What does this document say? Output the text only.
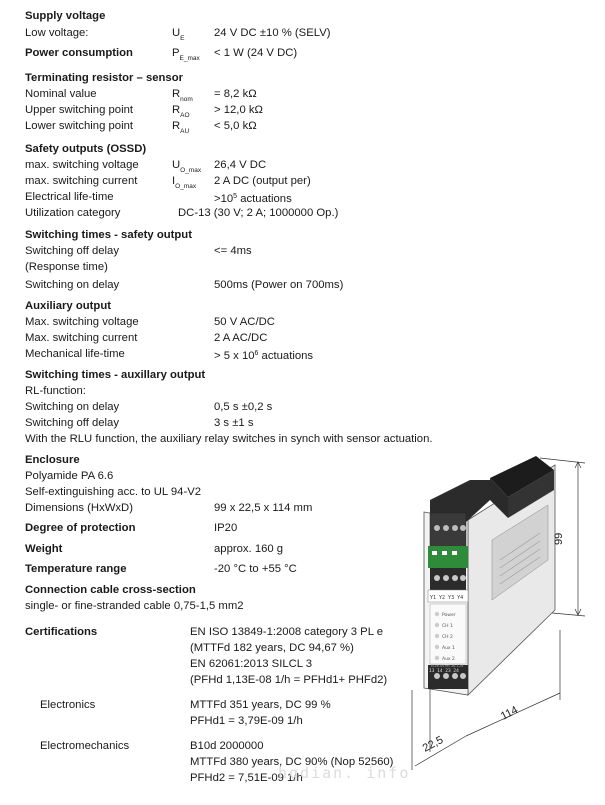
Supply voltage
Low voltage:	$U_E$	24 V DC ±10 % (SELV)
Power consumption	$P_{E\_max} < 1$ W (24 V DC)
Terminating resistor – sensor
Nominal value	$R_{nom} = 8,2$ kΩ
Upper switching point	$R_{AO} > 12,0$ kΩ
Lower switching point	$R_{AU} < 5,0$ kΩ
Safety outputs (OSSD)
max. switching voltage	$U_{O\_max}$ 26,4 V DC
max. switching current	$I_{O\_max}$ 2 A DC (output per)
Electrical life-time	$>10^5$ actuations
Utilization category	DC-13 (30 V; 2 A; 1000000 Op.)
Switching times - safety output
Switching off delay	<= 4ms
(Response time)
Switching on delay	500ms (Power on 700ms)
Auxiliary output
Max. switching voltage	50 V AC/DC
Max. switching current	2 A AC/DC
Mechanical life-time	> 5 x $10^6$ actuations
Switching times - auxillary output
RL-function:
Switching on delay	0,5 s ±0,2 s
Switching off delay	3 s ±1 s
With the RLU function, the auxiliary relay switches in synch with sensor actuation.
Enclosure
Polyamide PA 6.6
Self-extinguishing acc. to UL 94-V2
Dimensions (HxWxD)	99 x 22,5 x 114 mm
Degree of protection	IP20
Weight	approx. 160 g
Temperature range	-20 °C to +55 °C
Connection cable cross-section
single- or fine-stranded cable 0,75-1,5 mm2
Certifications	EN ISO 13849-1:2008 category 3 PL e
(MTTFd 182 years, DC 94,67 %)
EN 62061:2013 SILCL 3
(PFHd 1,13E-08 1/h = PFHd1+ PHFd2)
Electronics	MTTFd 351 years, DC 99 %
PFHd1 = 3,79E-09 1/h
Electromechanics	B10d 2000000
MTTFd 380 years, DC 90% (Nop 52560)
PFHd2 = 7,51E-09 1/h
Y1 Y2 Y3 Y4
Power
CH 1
CH 2
Aux 1
Aux 2
13 14 23 24
ELMON rel 36-124
99
114
22,5
hqdian. info
